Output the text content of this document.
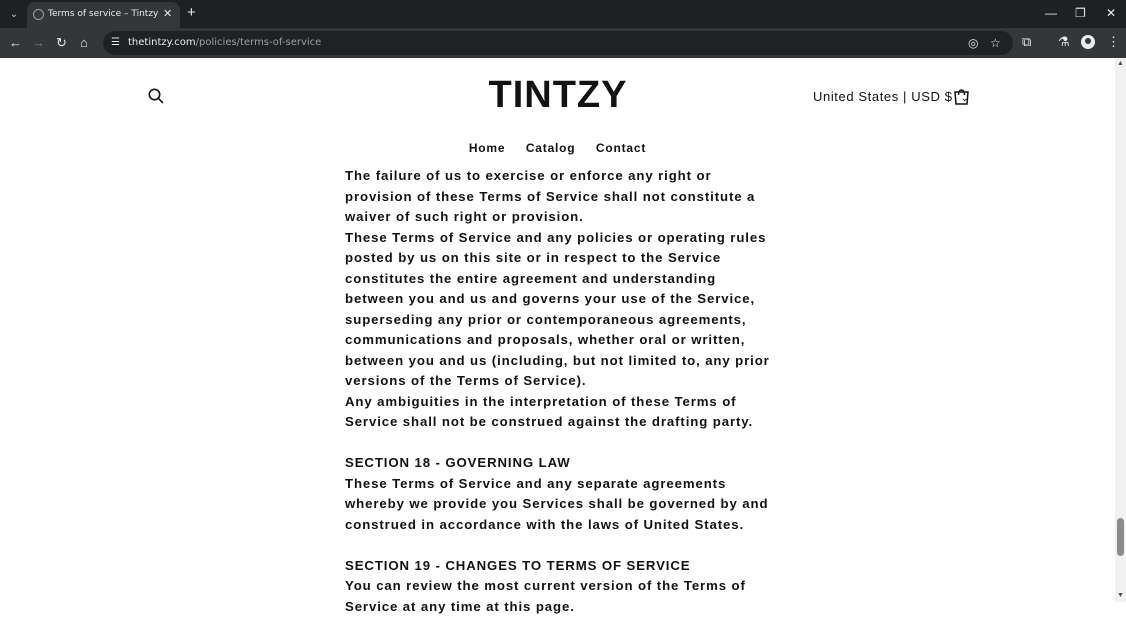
⌄	Terms of service – Tintzy ✕ +	— ❐ ✕
← → ↻ ⌂ ☰ thetintzy.com/policies/terms-of-service	◎ ☆ ⧉ ⚗	⋮
TINTZY	United States | USD $ ⌄
Home Catalog Contact

The failure of us to exercise or enforce any right or provision of these Terms of Service shall not constitute a waiver of such right or provision.

These Terms of Service and any policies or operating rules posted by us on this site or in respect to the Service constitutes the entire agreement and understanding between you and us and governs your use of the Service, superseding any prior or contemporaneous agreements, communications and proposals, whether oral or written, between you and us (including, but not limited to, any prior versions of the Terms of Service).

Any ambiguities in the interpretation of these Terms of Service shall not be construed against the drafting party.

SECTION 18 - GOVERNING LAW

These Terms of Service and any separate agreements whereby we provide you Services shall be governed by and construed in accordance with the laws of United States.

SECTION 19 - CHANGES TO TERMS OF SERVICE

You can review the most current version of the Terms of Service at any time at this page.

▲
▼
